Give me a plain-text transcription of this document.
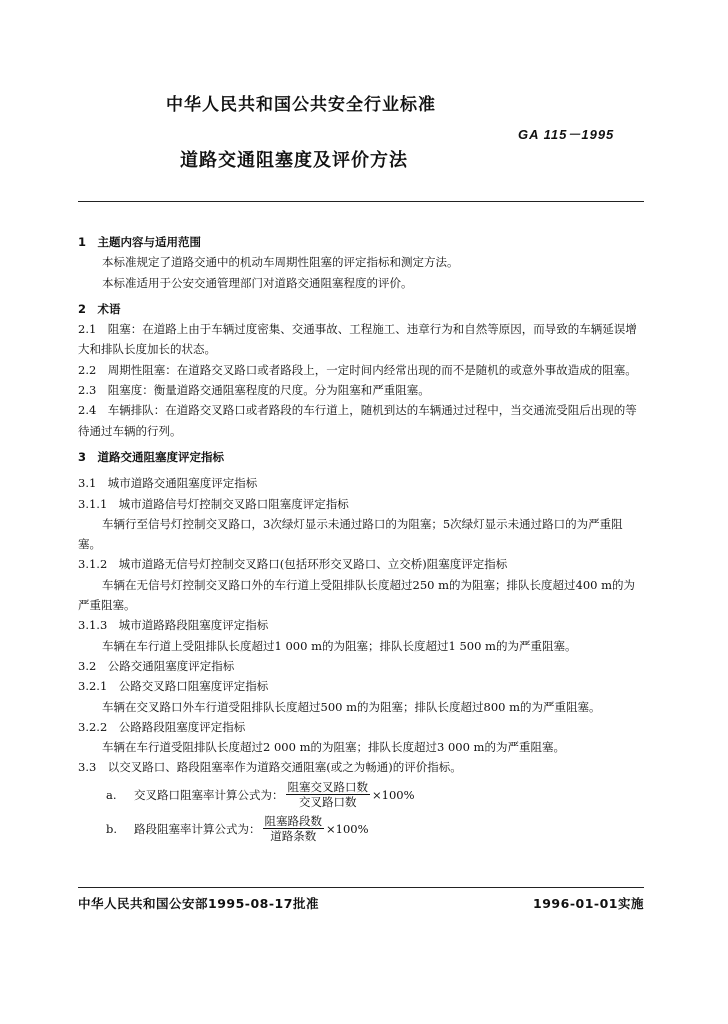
中华人民共和国公共安全行业标准
GA 115－1995
道路交通阻塞度及评价方法

1　主题内容与适用范围

本标准规定了道路交通中的机动车周期性阻塞的评定指标和测定方法。

本标准适用于公安交通管理部门对道路交通阻塞程度的评价。

2　术语

2.1　阻塞：在道路上由于车辆过度密集、交通事故、工程施工、违章行为和自然等原因，而导致的车辆延误增大和排队长度加长的状态。

2.2　周期性阻塞：在道路交叉路口或者路段上，一定时间内经常出现的而不是随机的或意外事故造成的阻塞。

2.3　阻塞度：衡量道路交通阻塞程度的尺度。分为阻塞和严重阻塞。

2.4　车辆排队：在道路交叉路口或者路段的车行道上，随机到达的车辆通过过程中，当交通流受阻后出现的等待通过车辆的行列。

3　道路交通阻塞度评定指标

3.1　城市道路交通阻塞度评定指标

3.1.1　城市道路信号灯控制交叉路口阻塞度评定指标

车辆行至信号灯控制交叉路口，3次绿灯显示未通过路口的为阻塞；5次绿灯显示未通过路口的为严重阻塞。

3.1.2　城市道路无信号灯控制交叉路口(包括环形交叉路口、立交桥)阻塞度评定指标

车辆在无信号灯控制交叉路口外的车行道上受阻排队长度超过250 m的为阻塞；排队长度超过400 m的为严重阻塞。

3.1.3　城市道路路段阻塞度评定指标

车辆在车行道上受阻排队长度超过1 000 m的为阻塞；排队长度超过1 500 m的为严重阻塞。

3.2　公路交通阻塞度评定指标

3.2.1　公路交叉路口阻塞度评定指标

车辆在交叉路口外车行道受阻排队长度超过500 m的为阻塞；排队长度超过800 m的为严重阻塞。

3.2.2　公路路段阻塞度评定指标

车辆在车行道受阻排队长度超过2 000 m的为阻塞；排队长度超过3 000 m的为严重阻塞。

3.3　以交叉路口、路段阻塞率作为道路交通阻塞(或之为畅通)的评价指标。

a.	交叉路口阻塞率计算公式为： $\frac{\text{阻塞交叉路口数}}{\text{交叉路口数}} \times 100\%$
b.	路段阻塞率计算公式为： $\frac{\text{阻塞路段数}}{\text{道路条数}} \times 100\%$
中华人民共和国公安部1995-08-17批准	1996-01-01实施
